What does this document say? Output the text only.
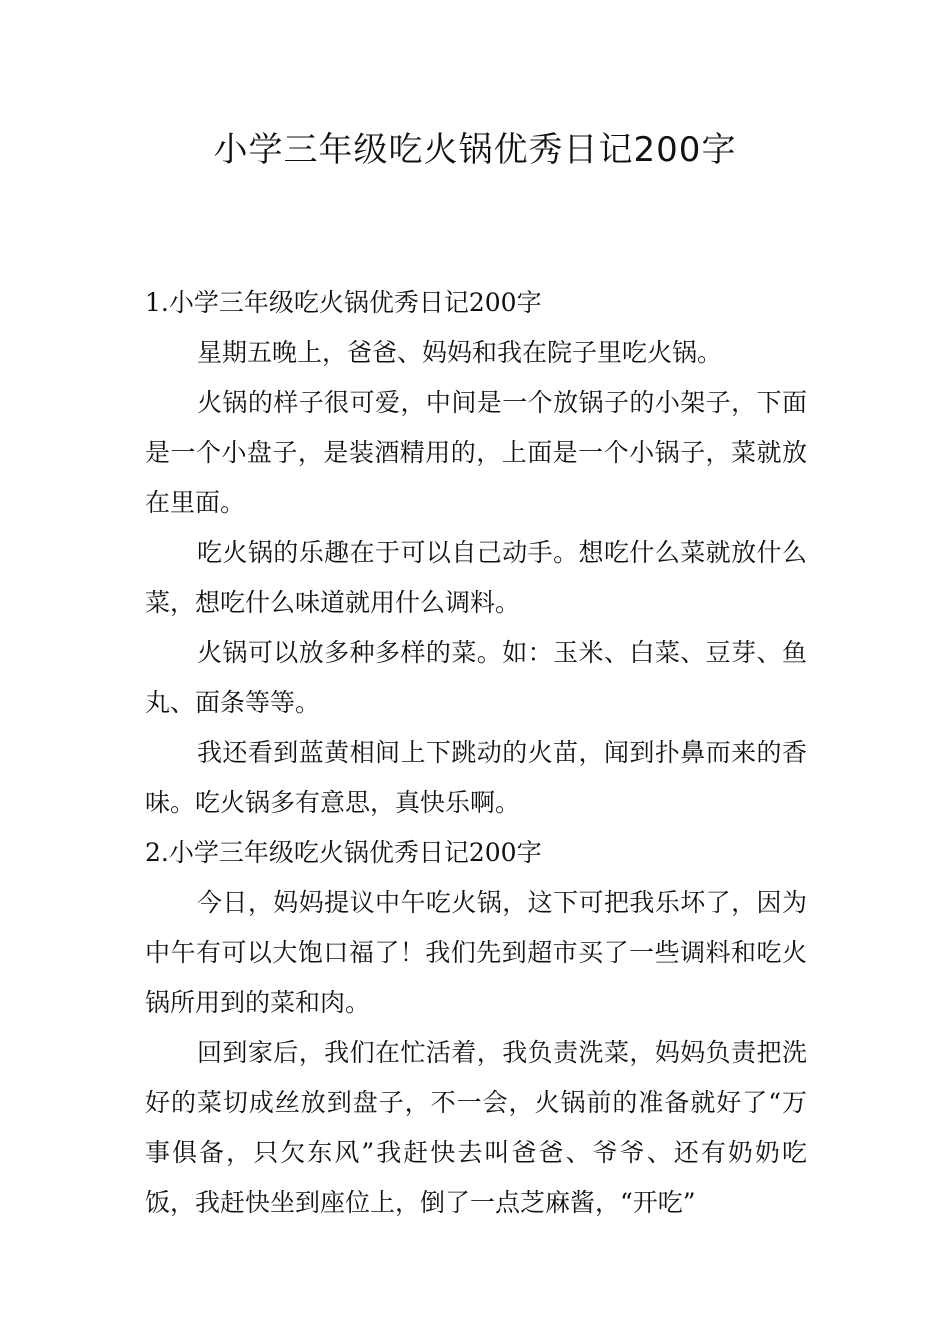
小学三年级吃火锅优秀日记200字

1.小学三年级吃火锅优秀日记200字

星期五晚上，爸爸、妈妈和我在院子里吃火锅。

火锅的样子很可爱，中间是一个放锅子的小架子，下面是一个小盘子，是装酒精用的，上面是一个小锅子，菜就放在里面。

吃火锅的乐趣在于可以自己动手。想吃什么菜就放什么菜，想吃什么味道就用什么调料。

火锅可以放多种多样的菜。如：玉米、白菜、豆芽、鱼丸、面条等等。

我还看到蓝黄相间上下跳动的火苗，闻到扑鼻而来的香味。吃火锅多有意思，真快乐啊。

2.小学三年级吃火锅优秀日记200字

今日，妈妈提议中午吃火锅，这下可把我乐坏了，因为中午有可以大饱口福了！我们先到超市买了一些调料和吃火锅所用到的菜和肉。

回到家后，我们在忙活着，我负责洗菜，妈妈负责把洗好的菜切成丝放到盘子，不一会，火锅前的准备就好了“万事俱备，只欠东风”我赶快去叫爸爸、爷爷、还有奶奶吃饭，我赶快坐到座位上，倒了一点芝麻酱，“开吃”
